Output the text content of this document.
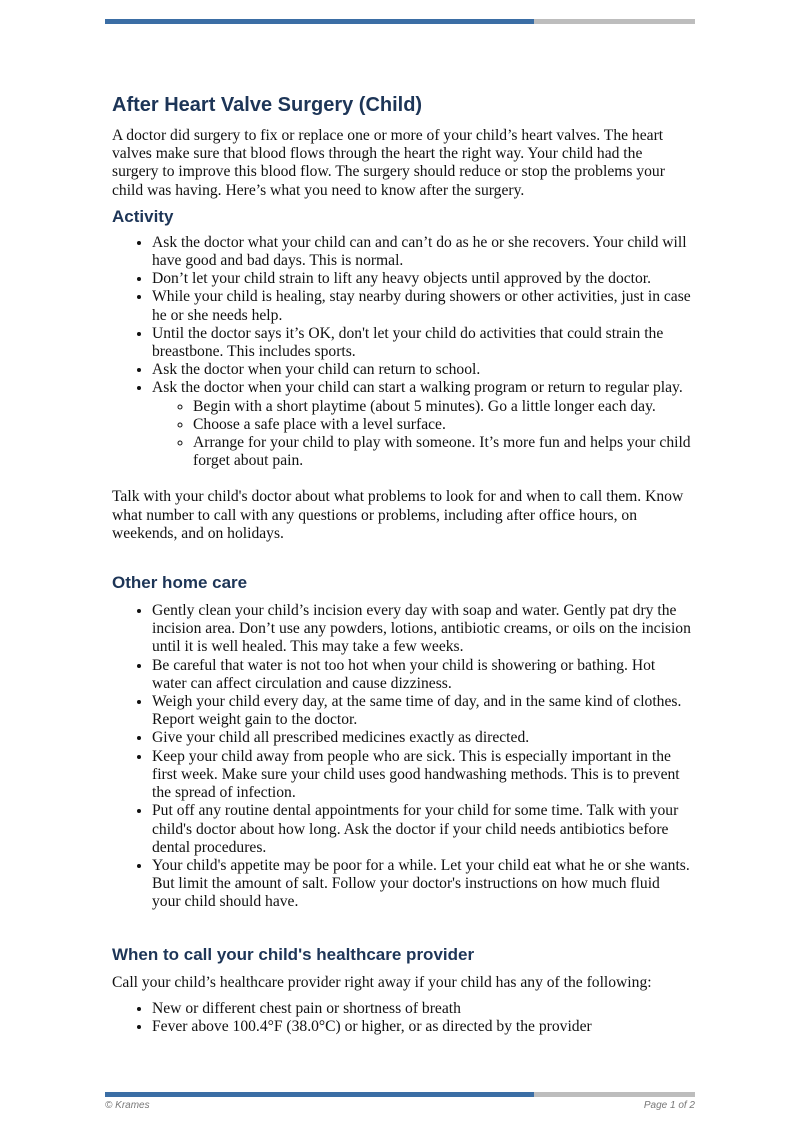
After Heart Valve Surgery (Child)

A doctor did surgery to fix or replace one or more of your child’s heart valves. The heart valves make sure that blood flows through the heart the right way. Your child had the surgery to improve this blood flow. The surgery should reduce or stop the problems your child was having. Here’s what you need to know after the surgery.

Activity
• Ask the doctor what your child can and can’t do as he or she recovers. Your child will have good and bad days. This is normal.
• Don’t let your child strain to lift any heavy objects until approved by the doctor.
• While your child is healing, stay nearby during showers or other activities, just in case he or she needs help.
• Until the doctor says it’s OK, don't let your child do activities that could strain the breastbone. This includes sports.
• Ask the doctor when your child can return to school.
• Ask the doctor when your child can start a walking program or return to regular play.
◦ Begin with a short playtime (about 5 minutes). Go a little longer each day.
◦ Choose a safe place with a level surface.
◦ Arrange for your child to play with someone. It’s more fun and helps your child forget about pain.

Talk with your child's doctor about what problems to look for and when to call them. Know what number to call with any questions or problems, including after office hours, on weekends, and on holidays.

Other home care
• Gently clean your child’s incision every day with soap and water. Gently pat dry the incision area. Don’t use any powders, lotions, antibiotic creams, or oils on the incision until it is well healed. This may take a few weeks.
• Be careful that water is not too hot when your child is showering or bathing. Hot water can affect circulation and cause dizziness.
• Weigh your child every day, at the same time of day, and in the same kind of clothes. Report weight gain to the doctor.
• Give your child all prescribed medicines exactly as directed.
• Keep your child away from people who are sick. This is especially important in the first week. Make sure your child uses good handwashing methods. This is to prevent the spread of infection.
• Put off any routine dental appointments for your child for some time. Talk with your child's doctor about how long. Ask the doctor if your child needs antibiotics before dental procedures.
• Your child's appetite may be poor for a while. Let your child eat what he or she wants. But limit the amount of salt. Follow your doctor's instructions on how much fluid your child should have.
When to call your child's healthcare provider

Call your child’s healthcare provider right away if your child has any of the following:

• New or different chest pain or shortness of breath
• Fever above 100.4°F (38.0°C) or higher, or as directed by the provider
© Krames	Page 1 of 2
